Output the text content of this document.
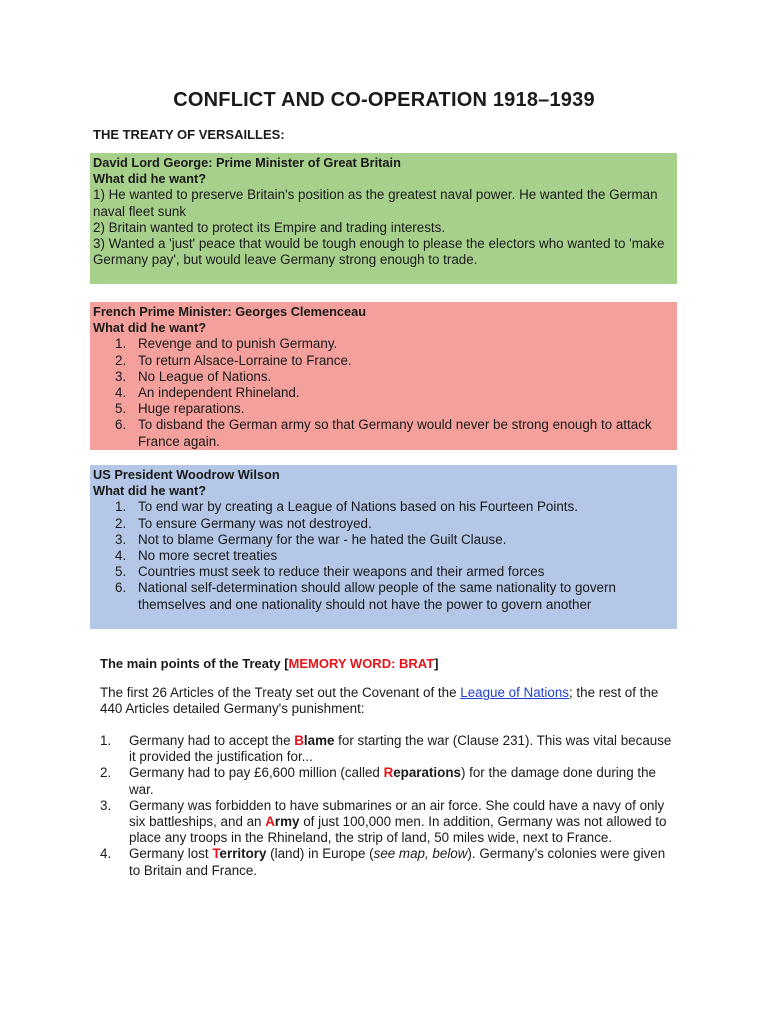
CONFLICT AND CO-OPERATION 1918–1939
THE TREATY OF VERSAILLES:

David Lord George: Prime Minister of Great Britain

What did he want?

1) He wanted to preserve Britain's position as the greatest naval power. He wanted the German naval fleet sunk

2) Britain wanted to protect its Empire and trading interests.

3) Wanted a 'just' peace that would be tough enough to please the electors who wanted to 'make Germany pay', but would leave Germany strong enough to trade.

French Prime Minister: Georges Clemenceau

What did he want?

1. Revenge and to punish Germany.
2. To return Alsace-Lorraine to France.
3. No League of Nations.
4. An independent Rhineland.
5. Huge reparations.
6. To disband the German army so that Germany would never be strong enough to attack France again.

US President Woodrow Wilson

What did he want?

1. To end war by creating a League of Nations based on his Fourteen Points.
2. To ensure Germany was not destroyed.
3. Not to blame Germany for the war - he hated the Guilt Clause.
4. No more secret treaties
5. Countries must seek to reduce their weapons and their armed forces
6. National self-determination should allow people of the same nationality to govern themselves and one nationality should not have the power to govern another
The main points of the Treaty [MEMORY WORD: BRAT]
The first 26 Articles of the Treaty set out the Covenant of the League of Nations; the rest of the 440 Articles detailed Germany's punishment:

1. Germany had to accept the Blame for starting the war (Clause 231). This was vital because it provided the justification for...

2. Germany had to pay £6,600 million (called Reparations) for the damage done during the war.

3. Germany was forbidden to have submarines or an air force. She could have a navy of only six battleships, and an Army of just 100,000 men. In addition, Germany was not allowed to place any troops in the Rhineland, the strip of land, 50 miles wide, next to France.

4. Germany lost Territory (land) in Europe (see map, below). Germany’s colonies were given to Britain and France.
